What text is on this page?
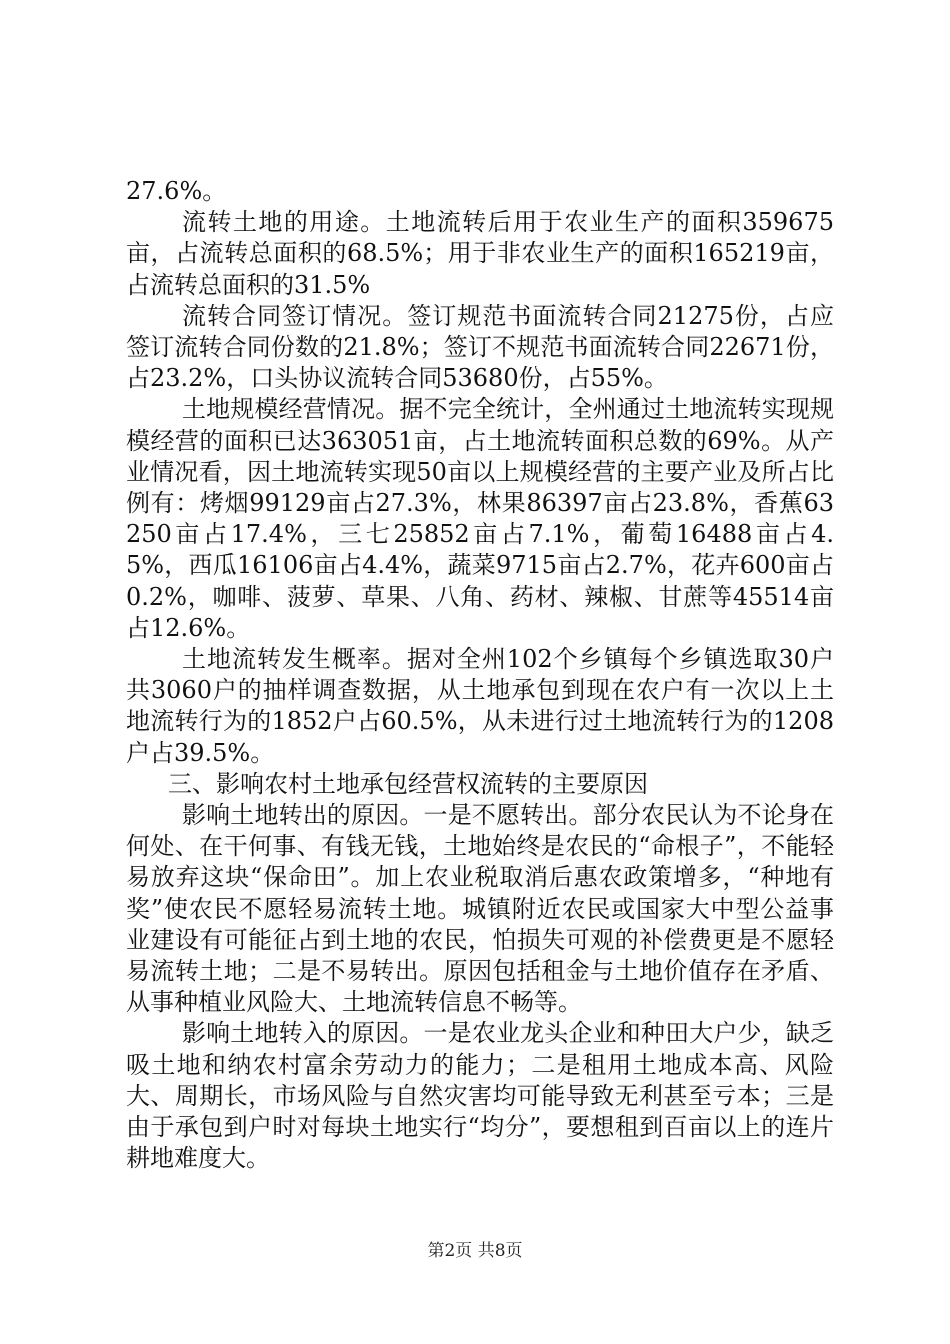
27.6%。

流转土地的用途。土地流转后用于农业生产的面积359675亩，占流转总面积的68.5%；用于非农业生产的面积165219亩，占流转总面积的31.5%

流转合同签订情况。签订规范书面流转合同21275份，占应签订流转合同份数的21.8%；签订不规范书面流转合同22671份，占23.2%，口头协议流转合同53680份，占55%。

土地规模经营情况。据不完全统计，全州通过土地流转实现规模经营的面积已达363051亩，占土地流转面积总数的69%。从产业情况看，因土地流转实现50亩以上规模经营的主要产业及所占比例有：烤烟99129亩占27.3%，林果86397亩占23.8%，香蕉63250亩占17.4%，三七25852亩占7.1%，葡萄16488亩占4.5%，西瓜16106亩占4.4%，蔬菜9715亩占2.7%，花卉600亩占0.2%，咖啡、菠萝、草果、八角、药材、辣椒、甘蔗等45514亩占12.6%。

土地流转发生概率。据对全州102个乡镇每个乡镇选取30户共3060户的抽样调查数据，从土地承包到现在农户有一次以上土地流转行为的1852户占60.5%，从未进行过土地流转行为的1208户占39.5%。

三、影响农村土地承包经营权流转的主要原因

影响土地转出的原因。一是不愿转出。部分农民认为不论身在何处、在干何事、有钱无钱，土地始终是农民的“命根子”，不能轻易放弃这块“保命田”。加上农业税取消后惠农政策增多，“种地有奖”使农民不愿轻易流转土地。城镇附近农民或国家大中型公益事业建设有可能征占到土地的农民，怕损失可观的补偿费更是不愿轻易流转土地；二是不易转出。原因包括租金与土地价值存在矛盾、从事种植业风险大、土地流转信息不畅等。

影响土地转入的原因。一是农业龙头企业和种田大户少，缺乏吸土地和纳农村富余劳动力的能力；二是租用土地成本高、风险大、周期长，市场风险与自然灾害均可能导致无利甚至亏本；三是由于承包到户时对每块土地实行“均分”，要想租到百亩以上的连片耕地难度大。

第2页 共8页
